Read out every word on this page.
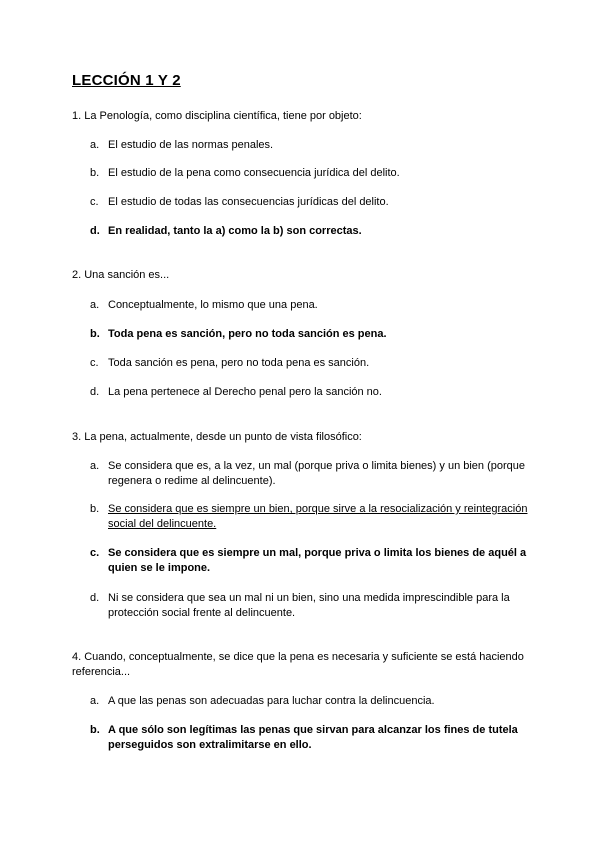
LECCIÓN 1 Y 2
1. La Penología, como disciplina científica, tiene por objeto:
a. El estudio de las normas penales.
b. El estudio de la pena como consecuencia jurídica del delito.
c. El estudio de todas las consecuencias jurídicas del delito.
d. En realidad, tanto la a) como la b) son correctas.
2. Una sanción es...
a. Conceptualmente, lo mismo que una pena.
b. Toda pena es sanción, pero no toda sanción es pena.
c. Toda sanción es pena, pero no toda pena es sanción.
d. La pena pertenece al Derecho penal pero la sanción no.
3. La pena, actualmente, desde un punto de vista filosófico:
a. Se considera que es, a la vez, un mal (porque priva o limita bienes) y un bien (porque regenera o redime al delincuente).
b. Se considera que es siempre un bien, porque sirve a la resocialización y reintegración social del delincuente.
c. Se considera que es siempre un mal, porque priva o limita los bienes de aquél a quien se le impone.
d. Ni se considera que sea un mal ni un bien, sino una medida imprescindible para la protección social frente al delincuente.
4. Cuando, conceptualmente, se dice que la pena es necesaria y suficiente se está haciendo referencia...
a. A que las penas son adecuadas para luchar contra la delincuencia.
b. A que sólo son legítimas las penas que sirvan para alcanzar los fines de tutela perseguidos son extralimitarse en ello.
